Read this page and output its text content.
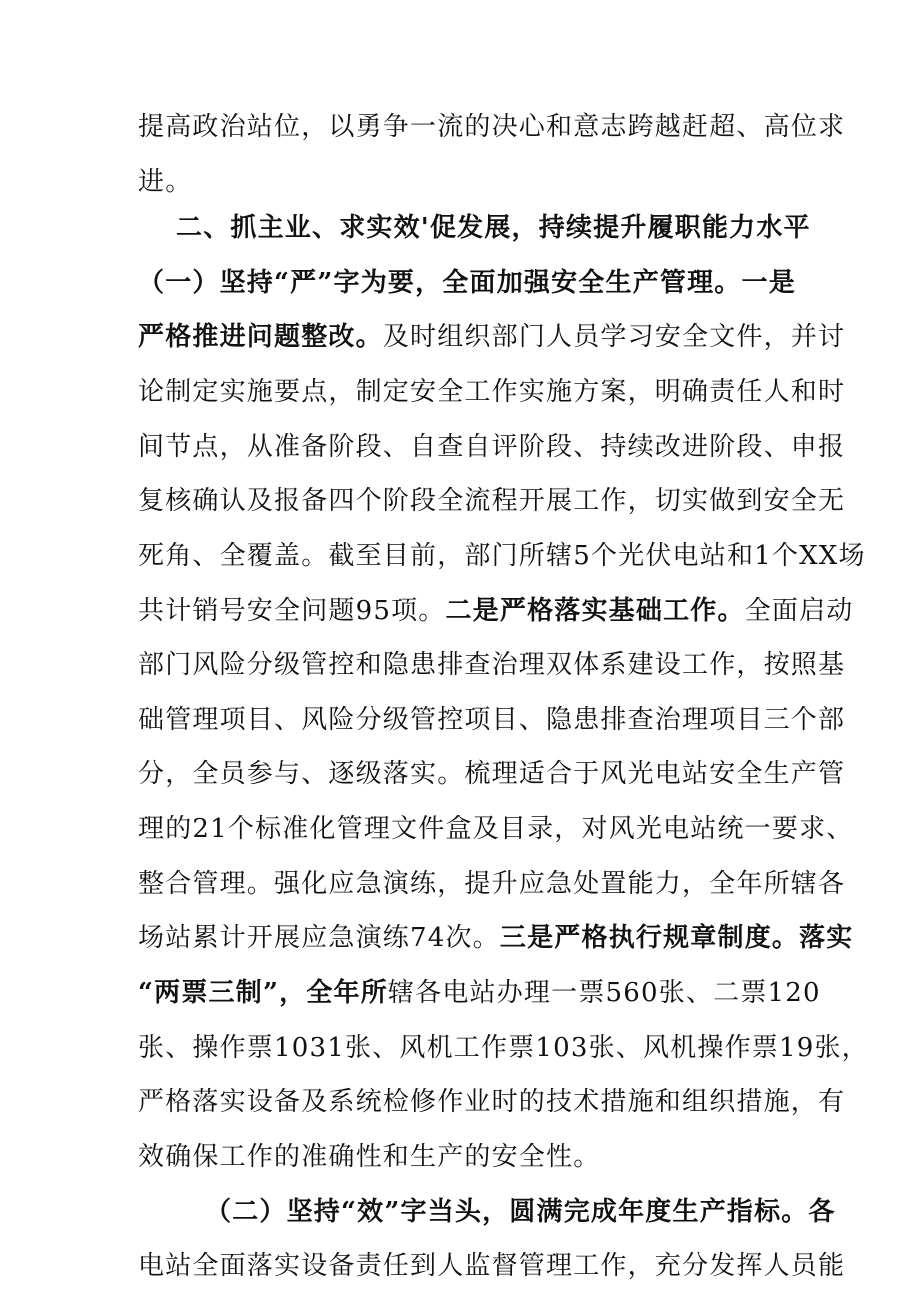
提高政治站位，以勇争一流的决心和意志跨越赶超、高位求
进。
二、抓主业、求实效'促发展，持续提升履职能力水平
（一）坚持“严”字为要，全面加强安全生产管理。一是
严格推进问题整改。及时组织部门人员学习安全文件，并讨
论制定实施要点，制定安全工作实施方案，明确责任人和时
间节点，从准备阶段、自查自评阶段、持续改进阶段、申报
复核确认及报备四个阶段全流程开展工作，切实做到安全无
死角、全覆盖。截至目前，部门所辖5个光伏电站和1个XX场
共计销号安全问题95项。二是严格落实基础工作。全面启动
部门风险分级管控和隐患排查治理双体系建设工作，按照基
础管理项目、风险分级管控项目、隐患排查治理项目三个部
分，全员参与、逐级落实。梳理适合于风光电站安全生产管
理的21个标准化管理文件盒及目录，对风光电站统一要求、
整合管理。强化应急演练，提升应急处置能力，全年所辖各
场站累计开展应急演练74次。三是严格执行规章制度。落实
“两票三制”，全年所辖各电站办理一票560张、二票120
张、操作票1031张、风机工作票103张、风机操作票19张，
严格落实设备及系统检修作业时的技术措施和组织措施，有
效确保工作的准确性和生产的安全性。
（二）坚持“效”字当头，圆满完成年度生产指标。各
电站全面落实设备责任到人监督管理工作，充分发挥人员能
